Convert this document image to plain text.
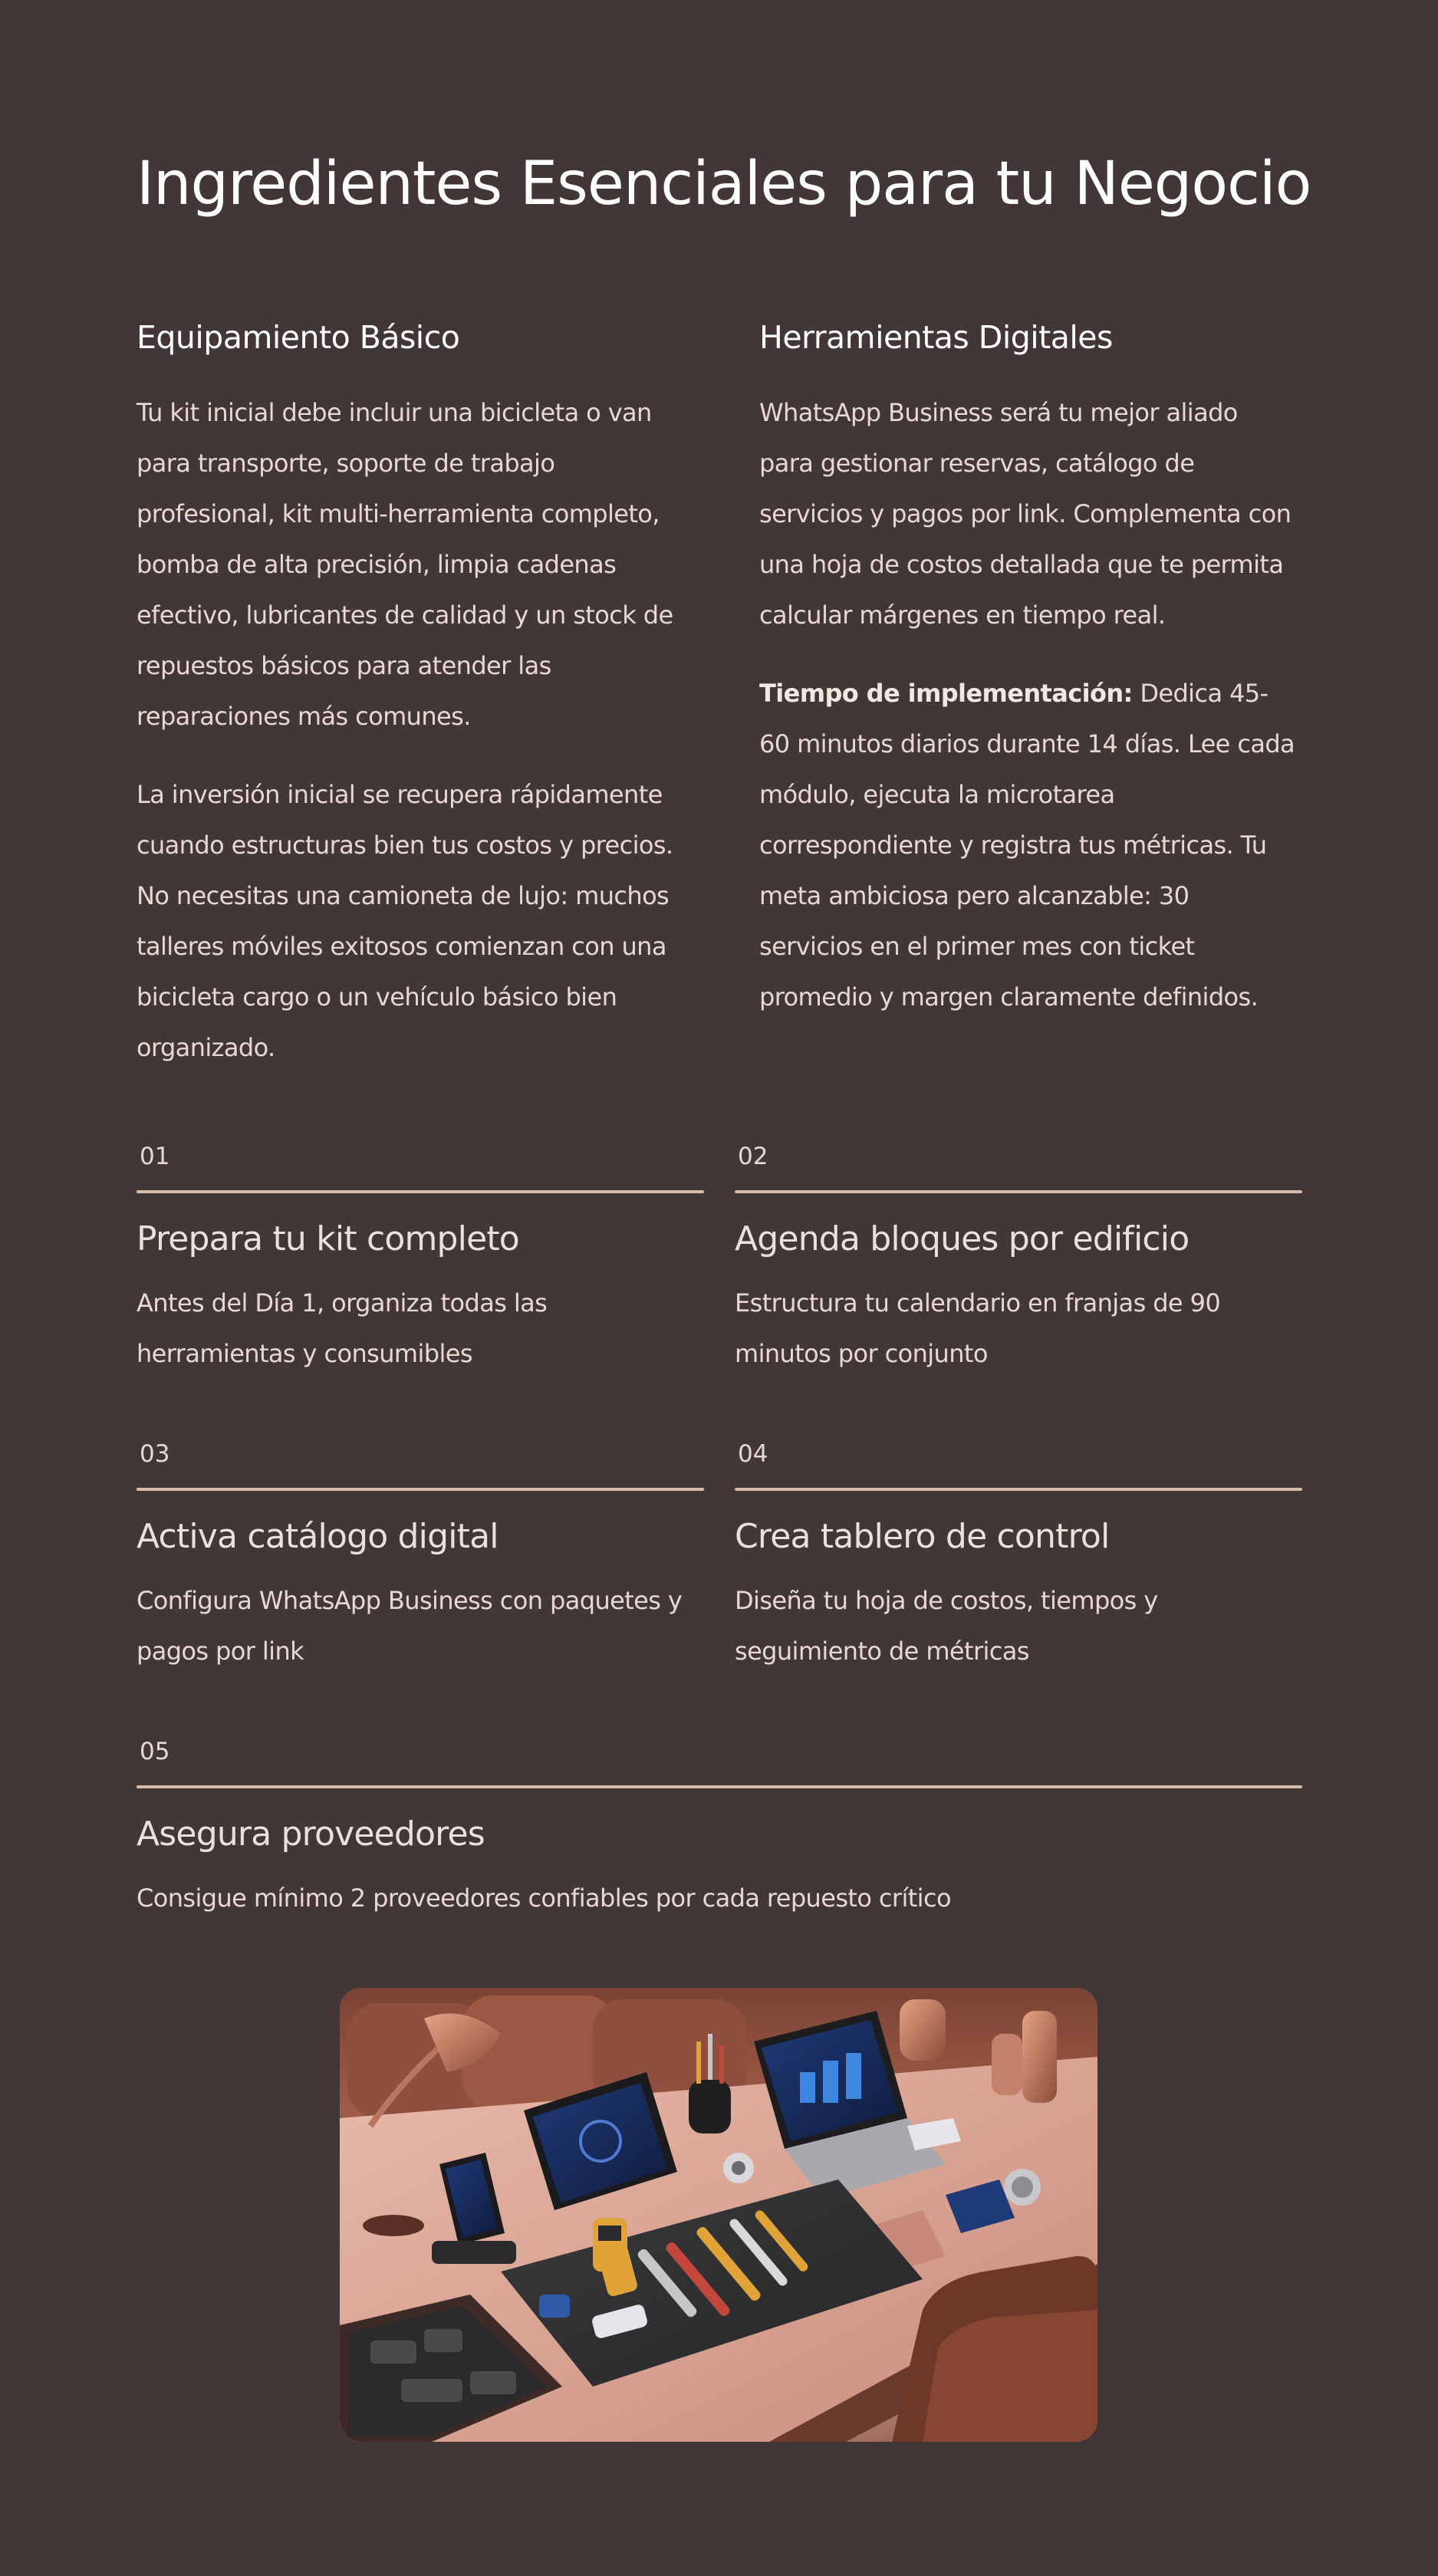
Ingredientes Esenciales para tu Negocio
Equipamiento Básico

Tu kit inicial debe incluir una bicicleta o van para transporte, soporte de trabajo profesional, kit multi-herramienta completo, bomba de alta precisión, limpia cadenas efectivo, lubricantes de calidad y un stock de repuestos básicos para atender las reparaciones más comunes.

La inversión inicial se recupera rápidamente cuando estructuras bien tus costos y precios. No necesitas una camioneta de lujo: muchos talleres móviles exitosos comienzan con una bicicleta cargo o un vehículo básico bien organizado.

Herramientas Digitales

WhatsApp Business será tu mejor aliado para gestionar reservas, catálogo de servicios y pagos por link. Complementa con una hoja de costos detallada que te permita calcular márgenes en tiempo real.

Tiempo de implementación: Dedica 45-60 minutos diarios durante 14 días. Lee cada módulo, ejecuta la microtarea correspondiente y registra tus métricas. Tu meta ambiciosa pero alcanzable: 30 servicios en el primer mes con ticket promedio y margen claramente definidos.

01
Prepara tu kit completo
Antes del Día 1, organiza todas las herramientas y consumibles
02
Agenda bloques por edificio
Estructura tu calendario en franjas de 90 minutos por conjunto
03
Activa catálogo digital
Configura WhatsApp Business con paquetes y pagos por link
04
Crea tablero de control
Diseña tu hoja de costos, tiempos y seguimiento de métricas
05
Asegura proveedores
Consigue mínimo 2 proveedores confiables por cada repuesto crítico
